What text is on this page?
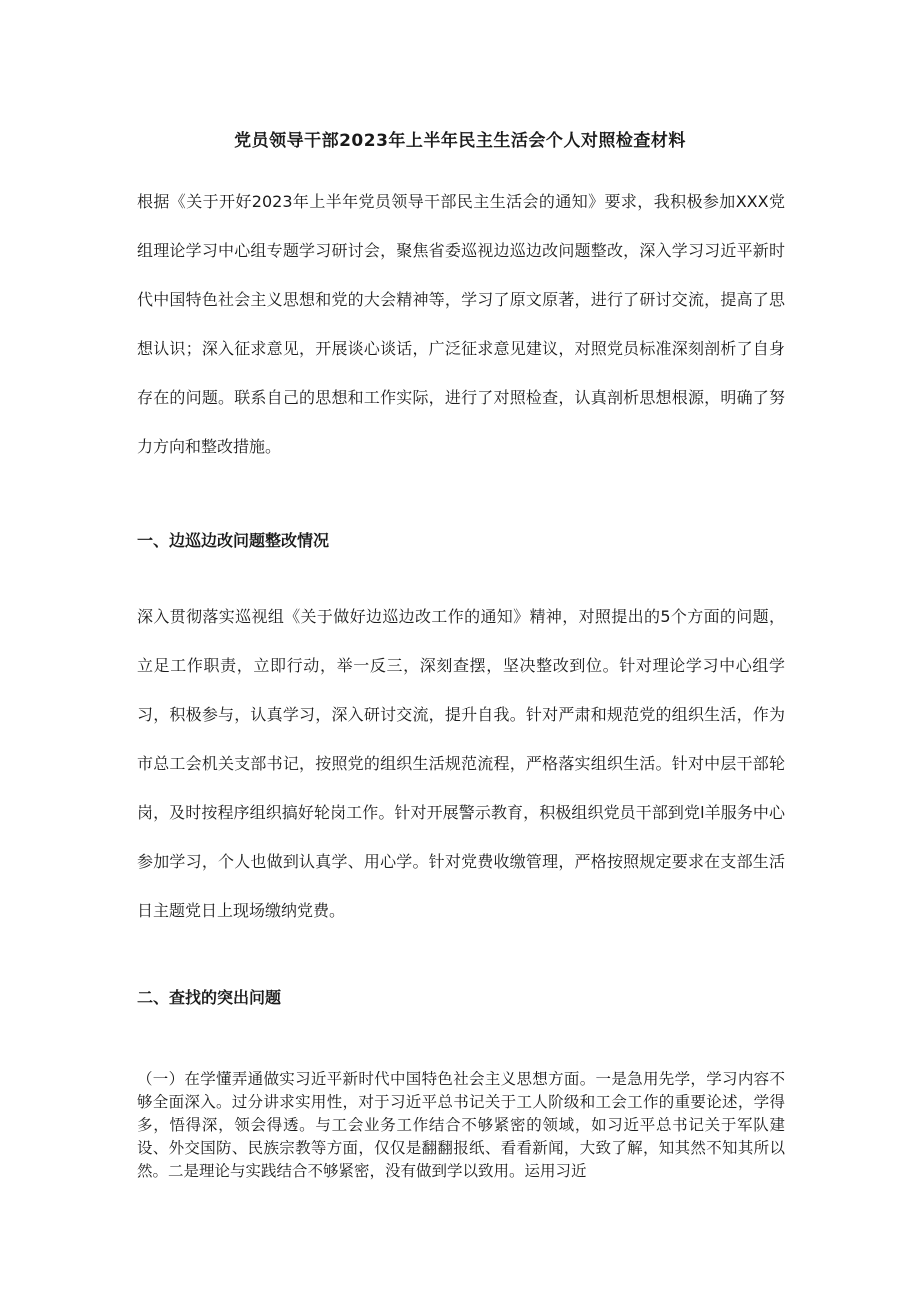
党员领导干部2023年上半年民主生活会个人对照检查材料

根据《关于开好2023年上半年党员领导干部民主生活会的通知》要求，我积极参加XXX党组理论学习中心组专题学习研讨会，聚焦省委巡视边巡边改问题整改，深入学习习近平新时代中国特色社会主义思想和党的大会精神等，学习了原文原著，进行了研讨交流，提高了思想认识；深入征求意见，开展谈心谈话，广泛征求意见建议，对照党员标准深刻剖析了自身存在的问题。联系自己的思想和工作实际，进行了对照检查，认真剖析思想根源，明确了努力方向和整改措施。

一、边巡边改问题整改情况

深入贯彻落实巡视组《关于做好边巡边改工作的通知》精神，对照提出的5个方面的问题，立足工作职责，立即行动，举一反三，深刻查摆，坚决整改到位。针对理论学习中心组学习，积极参与，认真学习，深入研讨交流，提升自我。针对严肃和规范党的组织生活，作为市总工会机关支部书记，按照党的组织生活规范流程，严格落实组织生活。针对中层干部轮岗，及时按程序组织搞好轮岗工作。针对开展警示教育，积极组织党员干部到党l羊服务中心参加学习，个人也做到认真学、用心学。针对党费收缴管理，严格按照规定要求在支部生活日主题党日上现场缴纳党费。

二、查找的突出问题

（一）在学懂弄通做实习近平新时代中国特色社会主义思想方面。一是急用先学，学习内容不够全面深入。过分讲求实用性，对于习近平总书记关于工人阶级和工会工作的重要论述，学得多，悟得深，领会得透。与工会业务工作结合不够紧密的领域，如习近平总书记关于军队建设、外交国防、民族宗教等方面，仅仅是翻翻报纸、看看新闻，大致了解，知其然不知其所以然。二是理论与实践结合不够紧密，没有做到学以致用。运用习近
